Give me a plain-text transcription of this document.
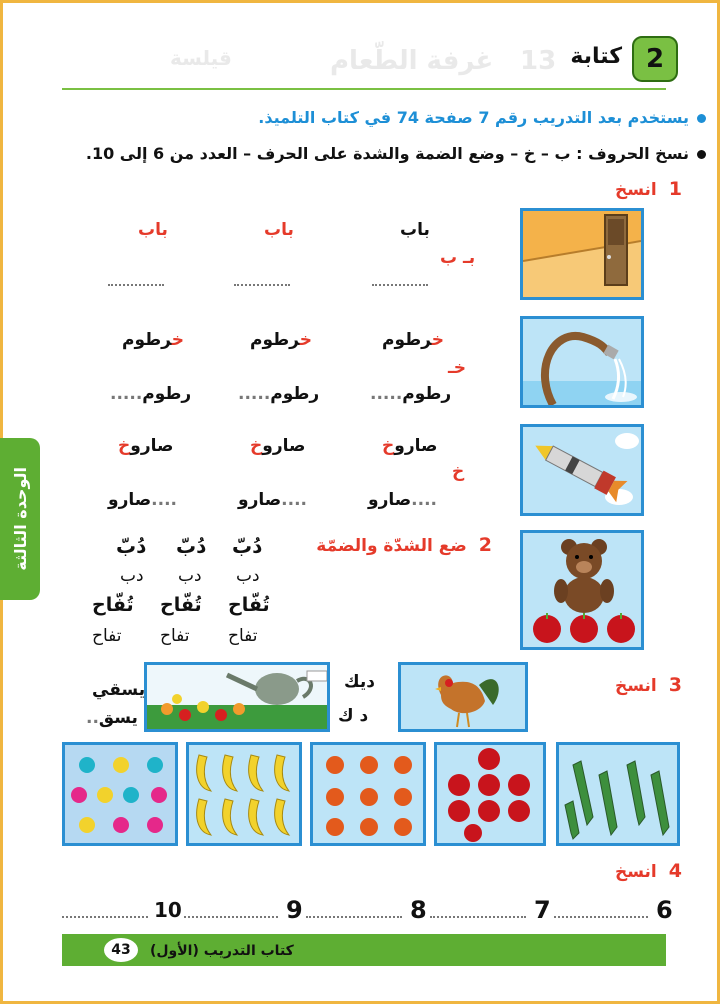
13
غرفة الطّعام
قيلسة	2
كتابة
يستخدم بعد التدريب رقم 7 صفحة 74 في كتاب التلميذ.
نسخ الحروف : ب – خ – وضع الضمة والشدة على الحرف – العدد من 6 إلى 10.
الوحدة الثالثة
1انسخ
باب
باب
باب
بـ ب
خرطوم
خرطوم
خرطوم
خـ
رطوم.....
رطوم.....
رطوم.....
صاروخ
صاروخ
صاروخ
خ
....صارو
....صارو
....صارو
2ضع الشدّة والضمّة
دُبّ
دُبّ
دُبّ
دب
دب
دب
تُفّاح
تُفّاح
تُفّاح
تفاح
تفاح
تفاح
3انسخ
ديك
د ك
يسقي
يسق..
4انسخ
6
7
8
9
10
كتاب التدريب (الأول)
43
